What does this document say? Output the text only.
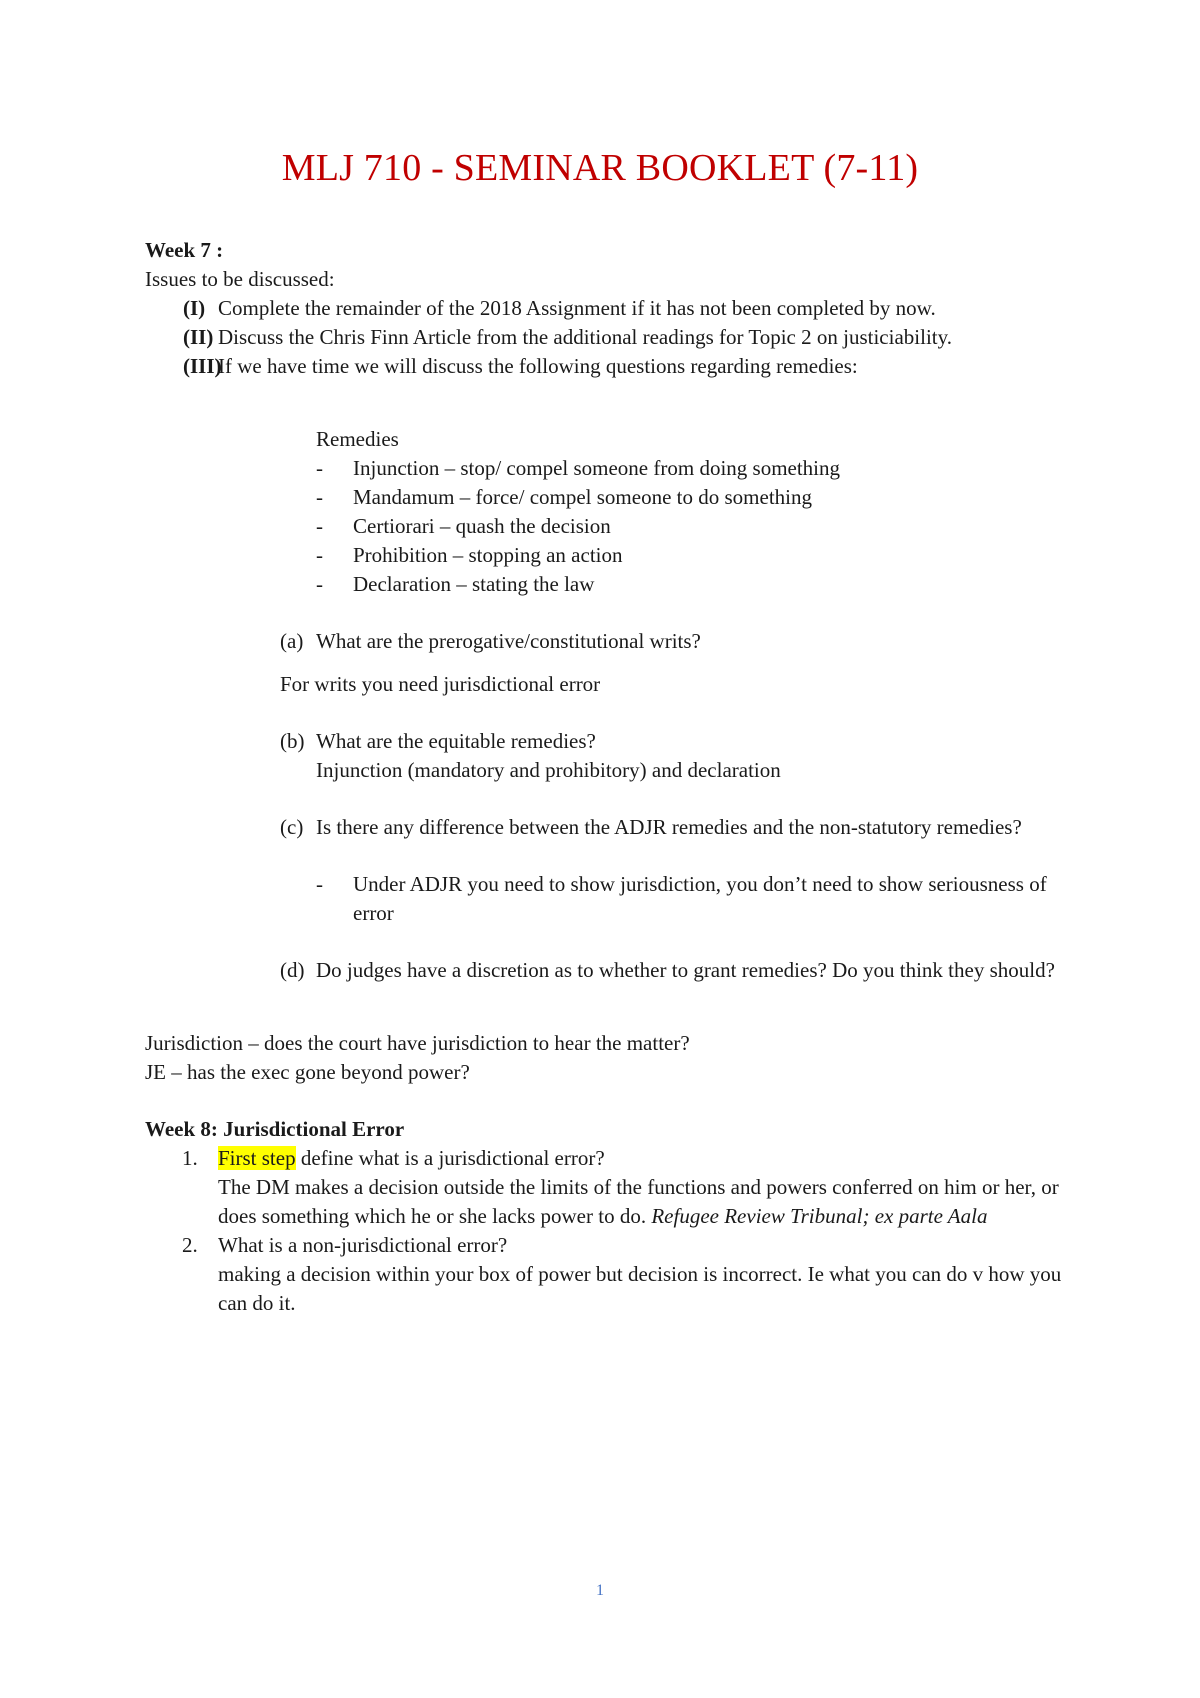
MLJ 710 - SEMINAR BOOKLET (7-11)
Week 7 :
Issues to be discussed:
(I) Complete the remainder of the 2018 Assignment if it has not been completed by now.
(II) Discuss the Chris Finn Article from the additional readings for Topic 2 on justiciability.
(III)
If we have time we will discuss the following questions regarding remedies:
Remedies
-	Injunction – stop/ compel someone from doing something
-	Mandamum – force/ compel someone to do something
-	Certiorari – quash the decision
-	Prohibition – stopping an action
-	Declaration – stating the law
(a) What are the prerogative/constitutional writs?
For writs you need jurisdictional error
(b) What are the equitable remedies?
Injunction (mandatory and prohibitory) and declaration
(c) Is there any difference between the ADJR remedies and the non-statutory remedies?
-	Under ADJR you need to show jurisdiction, you don’t need to show seriousness of error
(d) Do judges have a discretion as to whether to grant remedies? Do you think they should?
Jurisdiction – does the court have jurisdiction to hear the matter?
JE – has the exec gone beyond power?
Week 8: Jurisdictional Error
1. First step define what is a jurisdictional error?
The DM makes a decision outside the limits of the functions and powers conferred on him or her, or does something which he or she lacks power to do. Refugee Review Tribunal; ex parte Aala
2. What is a non-jurisdictional error?
making a decision within your box of power but decision is incorrect. Ie what you can do v how you can do it.
1
